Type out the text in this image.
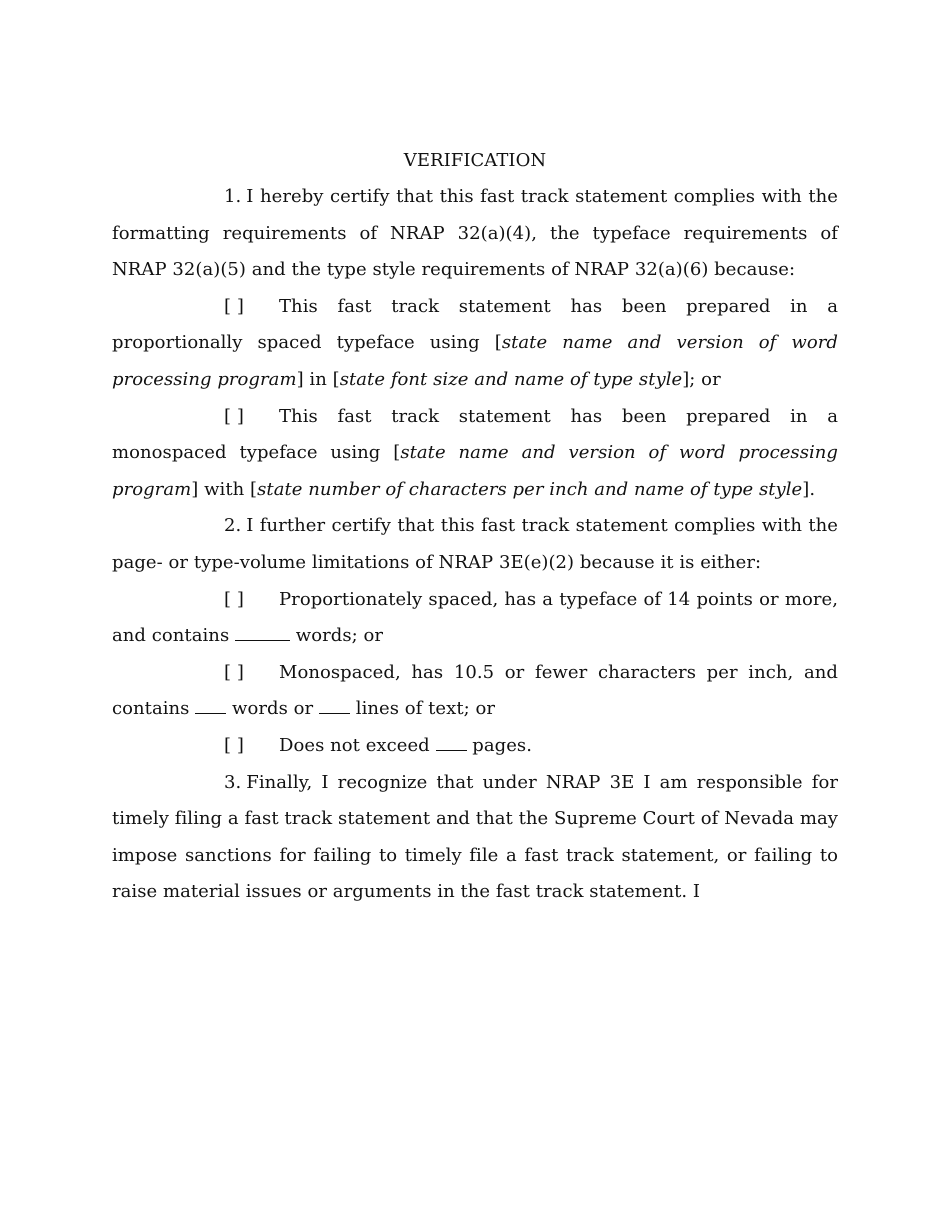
VERIFICATION

1. I hereby certify that this fast track statement complies with the formatting requirements of NRAP 32(a)(4), the typeface requirements of NRAP 32(a)(5) and the type style requirements of NRAP 32(a)(6) because:

[ ] This fast track statement has been prepared in a proportionally spaced typeface using [state name and version of word processing program] in [state font size and name of type style]; or

[ ] This fast track statement has been prepared in a monospaced typeface using [state name and version of word processing program] with [state number of characters per inch and name of type style].

2. I further certify that this fast track statement complies with the page- or type-volume limitations of NRAP 3E(e)(2) because it is either:

[ ] Proportionately spaced, has a typeface of 14 points or more, and contains	words; or

[ ] Monospaced, has 10.5 or fewer characters per inch, and contains words or lines of text; or

[ ] Does not exceed pages.

3. Finally, I recognize that under NRAP 3E I am responsible for timely filing a fast track statement and that the Supreme Court of Nevada may impose sanctions for failing to timely file a fast track statement, or failing to raise material issues or arguments in the fast track statement. I
